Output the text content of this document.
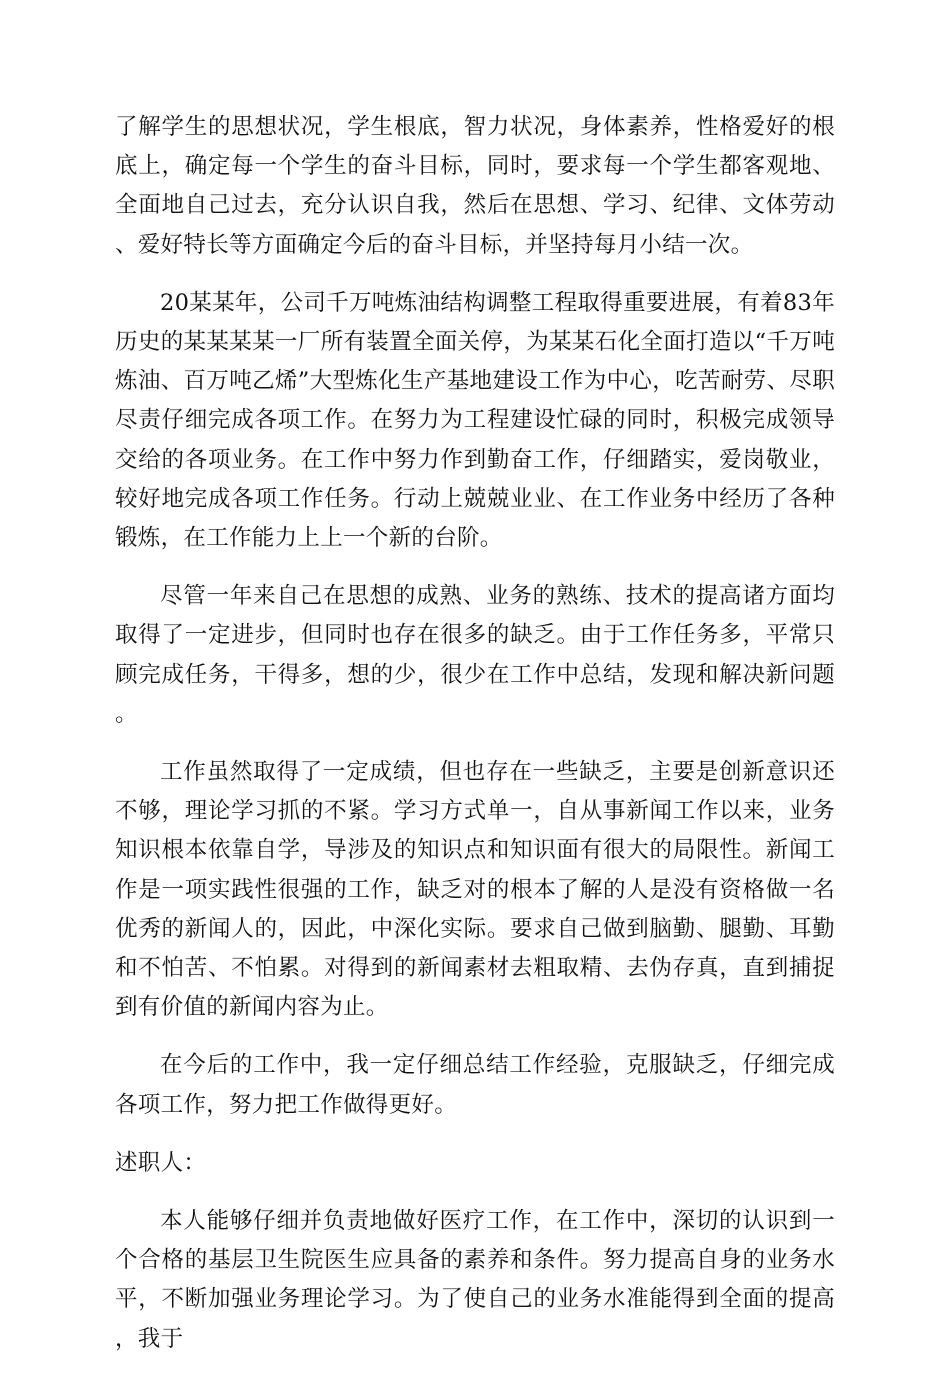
了解学生的思想状况，学生根底，智力状况，身体素养，性格爱好的根底上，确定每一个学生的奋斗目标，同时，要求每一个学生都客观地、全面地自己过去，充分认识自我，然后在思想、学习、纪律、文体劳动、爱好特长等方面确定今后的奋斗目标，并坚持每月小结一次。

20某某年，公司千万吨炼油结构调整工程取得重要进展，有着83年历史的某某某某一厂所有装置全面关停，为某某石化全面打造以“千万吨炼油、百万吨乙烯”大型炼化生产基地建设工作为中心，吃苦耐劳、尽职尽责仔细完成各项工作。在努力为工程建设忙碌的同时，积极完成领导交给的各项业务。在工作中努力作到勤奋工作，仔细踏实，爱岗敬业，较好地完成各项工作任务。行动上兢兢业业、在工作业务中经历了各种锻炼，在工作能力上上一个新的台阶。

尽管一年来自己在思想的成熟、业务的熟练、技术的提高诸方面均取得了一定进步，但同时也存在很多的缺乏。由于工作任务多，平常只顾完成任务，干得多，想的少，很少在工作中总结，发现和解决新问题。

工作虽然取得了一定成绩，但也存在一些缺乏，主要是创新意识还不够，理论学习抓的不紧。学习方式单一，自从事新闻工作以来，业务知识根本依靠自学，导涉及的知识点和知识面有很大的局限性。新闻工作是一项实践性很强的工作，缺乏对的根本了解的人是没有资格做一名优秀的新闻人的，因此，中深化实际。要求自己做到脑勤、腿勤、耳勤和不怕苦、不怕累。对得到的新闻素材去粗取精、去伪存真，直到捕捉到有价值的新闻内容为止。

在今后的工作中，我一定仔细总结工作经验，克服缺乏，仔细完成各项工作，努力把工作做得更好。

述职人：

本人能够仔细并负责地做好医疗工作，在工作中，深切的认识到一个合格的基层卫生院医生应具备的素养和条件。努力提高自身的业务水平，不断加强业务理论学习。为了使自己的业务水准能得到全面的提高，我于
